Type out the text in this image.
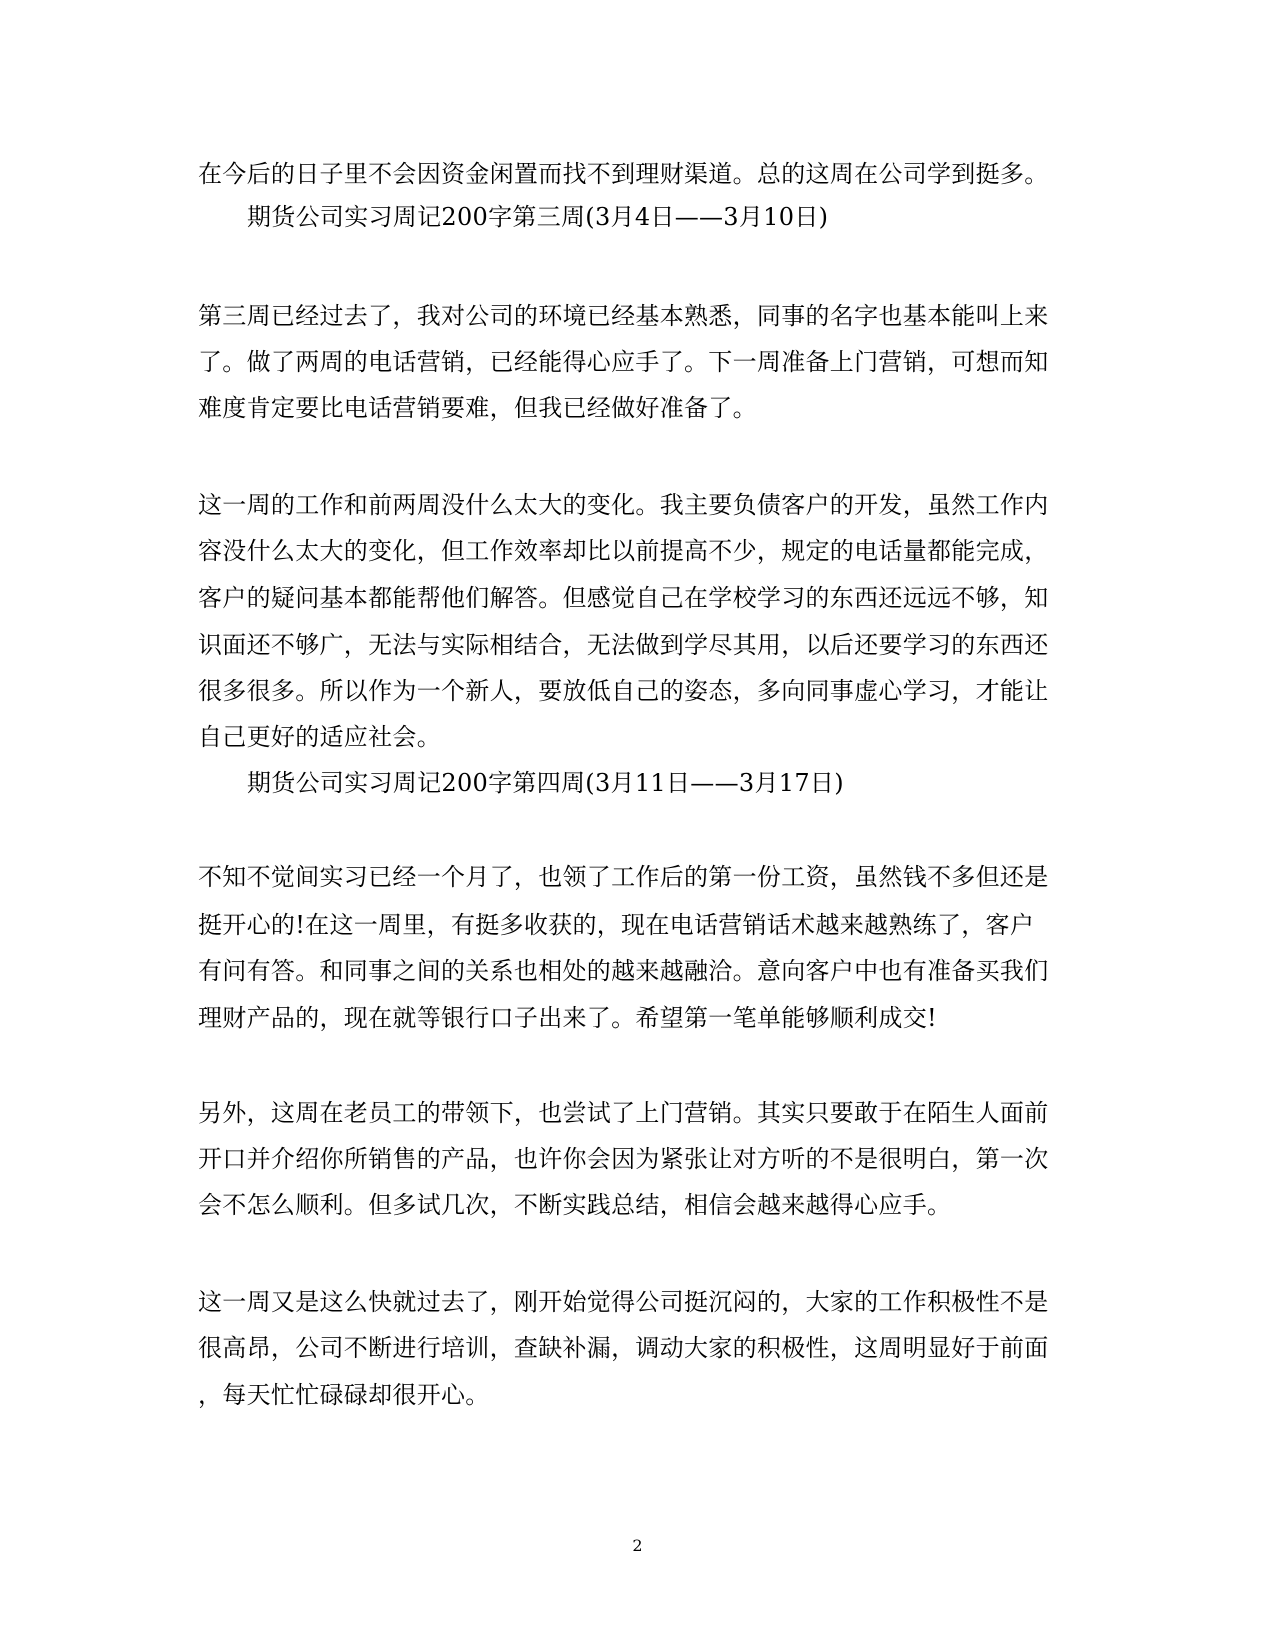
在今后的日子里不会因资金闲置而找不到理财渠道。总的这周在公司学到挺多。
期货公司实习周记200字第三周(3月4日——3月10日)
第三周已经过去了，我对公司的环境已经基本熟悉，同事的名字也基本能叫上来
了。做了两周的电话营销，已经能得心应手了。下一周准备上门营销，可想而知
难度肯定要比电话营销要难，但我已经做好准备了。
这一周的工作和前两周没什么太大的变化。我主要负债客户的开发，虽然工作内
容没什么太大的变化，但工作效率却比以前提高不少，规定的电话量都能完成，
客户的疑问基本都能帮他们解答。但感觉自己在学校学习的东西还远远不够，知
识面还不够广，无法与实际相结合，无法做到学尽其用，以后还要学习的东西还
很多很多。所以作为一个新人，要放低自己的姿态，多向同事虚心学习，才能让
自己更好的适应社会。
期货公司实习周记200字第四周(3月11日——3月17日)
不知不觉间实习已经一个月了，也领了工作后的第一份工资，虽然钱不多但还是
挺开心的!在这一周里，有挺多收获的，现在电话营销话术越来越熟练了，客户
有问有答。和同事之间的关系也相处的越来越融洽。意向客户中也有准备买我们
理财产品的，现在就等银行口子出来了。希望第一笔单能够顺利成交!
另外，这周在老员工的带领下，也尝试了上门营销。其实只要敢于在陌生人面前
开口并介绍你所销售的产品，也许你会因为紧张让对方听的不是很明白，第一次
会不怎么顺利。但多试几次，不断实践总结，相信会越来越得心应手。
这一周又是这么快就过去了，刚开始觉得公司挺沉闷的，大家的工作积极性不是
很高昂，公司不断进行培训，查缺补漏，调动大家的积极性，这周明显好于前面
，每天忙忙碌碌却很开心。
2
